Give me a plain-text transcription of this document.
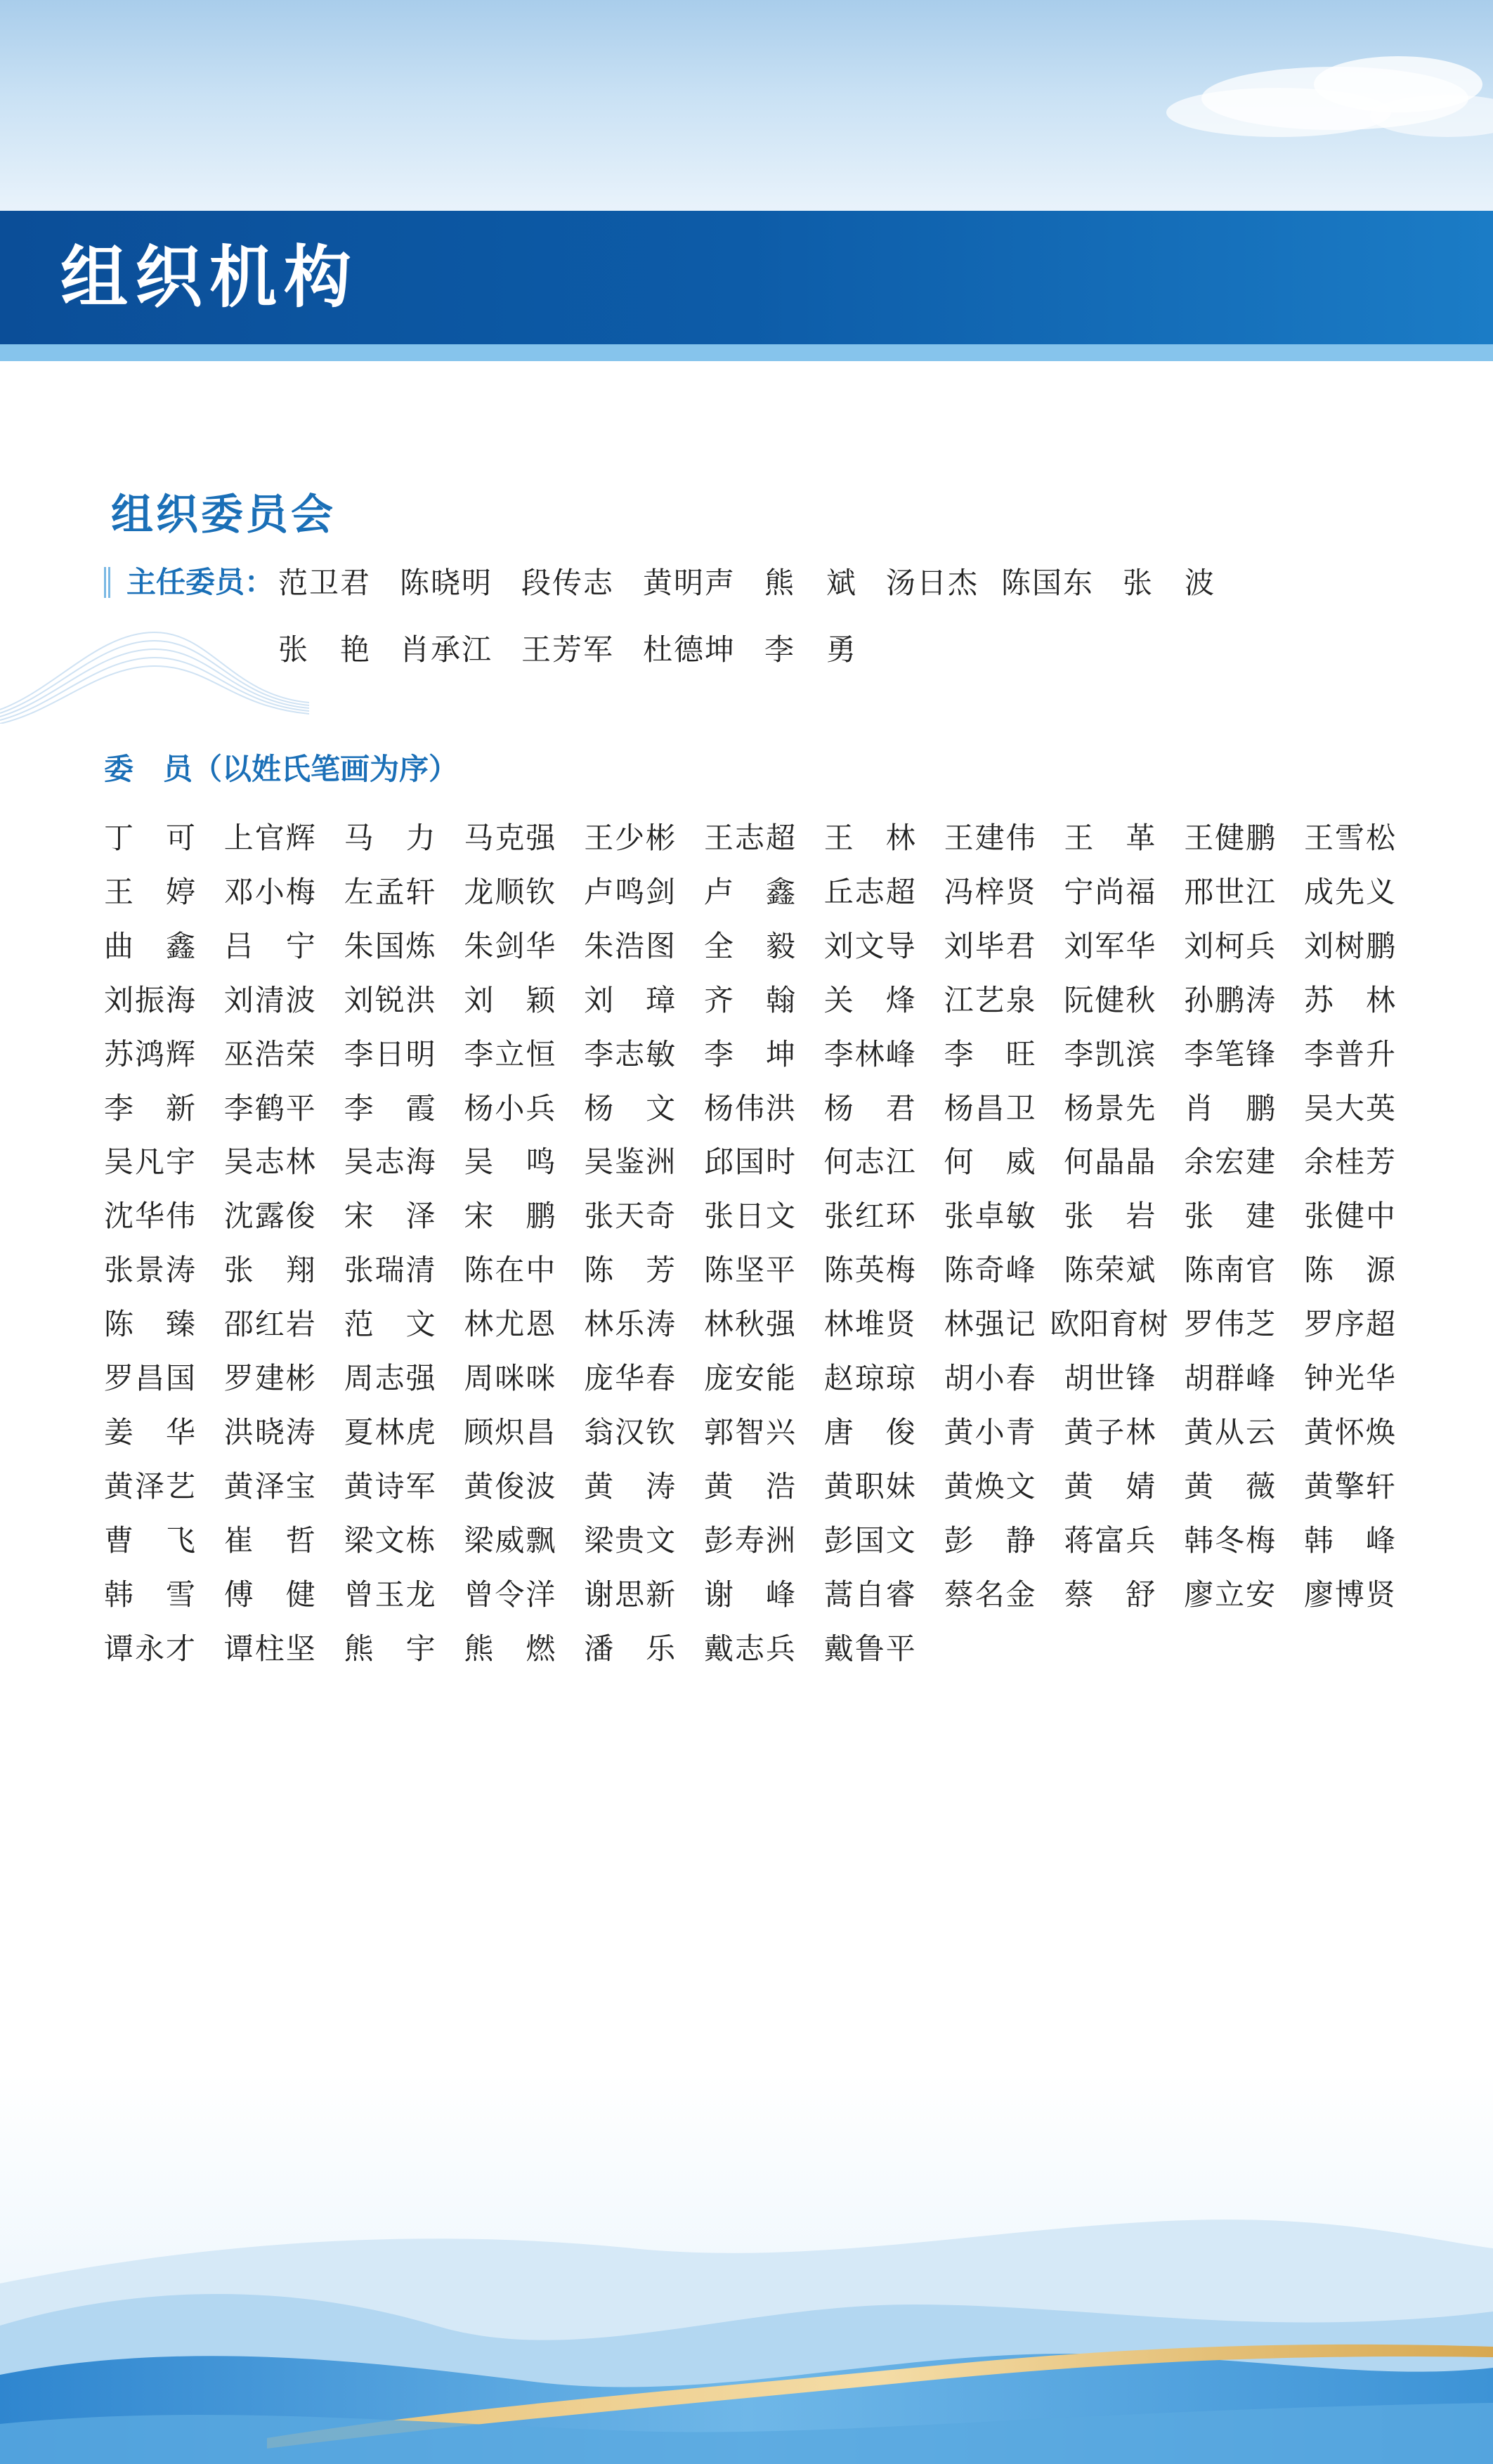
组织机构
组织委员会
主任委员： 范卫君 陈晓明 段传志 黄明声 熊　斌 汤日杰 陈国东 张　波
张　艳 肖承江 王芳军 杜德坤 李　勇
委　员（以姓氏笔画为序）
丁　可 上官辉 马　力 马克强 王少彬 王志超 王　林 王建伟 王　革 王健鹏 王雪松
王　婷 邓小梅 左孟轩 龙顺钦 卢鸣剑 卢　鑫 丘志超 冯梓贤 宁尚福 邢世江 成先义
曲　鑫 吕　宁 朱国炼 朱剑华 朱浩图 全　毅 刘文导 刘毕君 刘军华 刘柯兵 刘树鹏
刘振海 刘清波 刘锐洪 刘　颖 刘　璋 齐　翰 关　烽 江艺泉 阮健秋 孙鹏涛 苏　林
苏鸿辉 巫浩荣 李日明 李立恒 李志敏 李　坤 李林峰 李　旺 李凯滨 李笔锋 李普升
李　新 李鹤平 李　霞 杨小兵 杨　文 杨伟洪 杨　君 杨昌卫 杨景先 肖　鹏 吴大英
吴凡宇 吴志林 吴志海 吴　鸣 吴鉴洲 邱国时 何志江 何　威 何晶晶 余宏建 余桂芳
沈华伟 沈露俊 宋　泽 宋　鹏 张天奇 张日文 张红环 张卓敏 张　岩 张　建 张健中
张景涛 张　翔 张瑞清 陈在中 陈　芳 陈坚平 陈英梅 陈奇峰 陈荣斌 陈南官 陈　源
陈　臻 邵红岩 范　文 林尤恩 林乐涛 林秋强 林堆贤 林强记 欧阳育树 罗伟芝 罗序超
罗昌国 罗建彬 周志强 周咪咪 庞华春 庞安能 赵琼琼 胡小春 胡世锋 胡群峰 钟光华
姜　华 洪晓涛 夏林虎 顾炽昌 翁汉钦 郭智兴 唐　俊 黄小青 黄子林 黄从云 黄怀焕
黄泽艺 黄泽宝 黄诗军 黄俊波 黄　涛 黄　浩 黄职妹 黄焕文 黄　婧 黄　薇 黄擎轩
曹　飞 崔　哲 梁文栋 梁威飘 梁贵文 彭寿洲 彭国文 彭　静 蒋富兵 韩冬梅 韩　峰
韩　雪 傅　健 曾玉龙 曾令洋 谢思新 谢　峰 蒿自睿 蔡名金 蔡　舒 廖立安 廖博贤
谭永才 谭柱坚 熊　宇 熊　燃 潘　乐 戴志兵 戴鲁平
